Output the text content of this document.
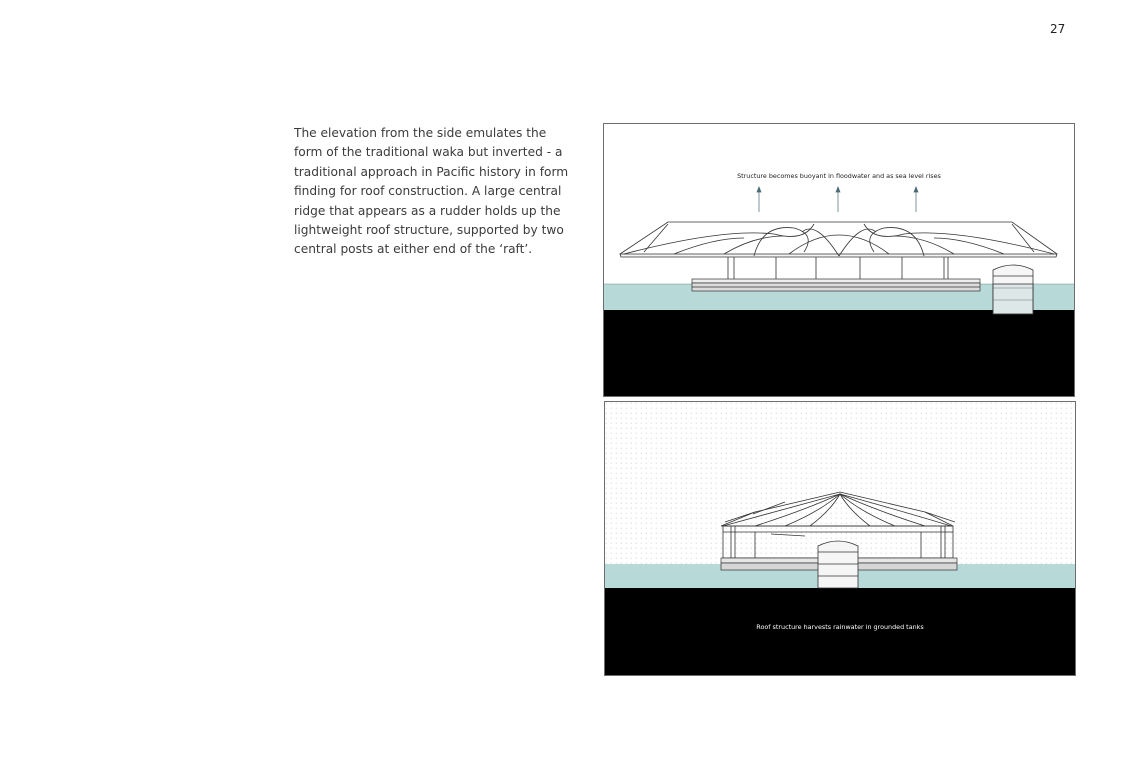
27

The elevation from the side emulates the form of the traditional waka but inverted - a traditional approach in Pacific history in form finding for roof construction. A large central ridge that appears as a rudder holds up the lightweight roof structure, supported by two central posts at either end of the ‘raft’.

Structure becomes buoyant in floodwater and as sea level rises
Roof structure harvests rainwater in grounded tanks
